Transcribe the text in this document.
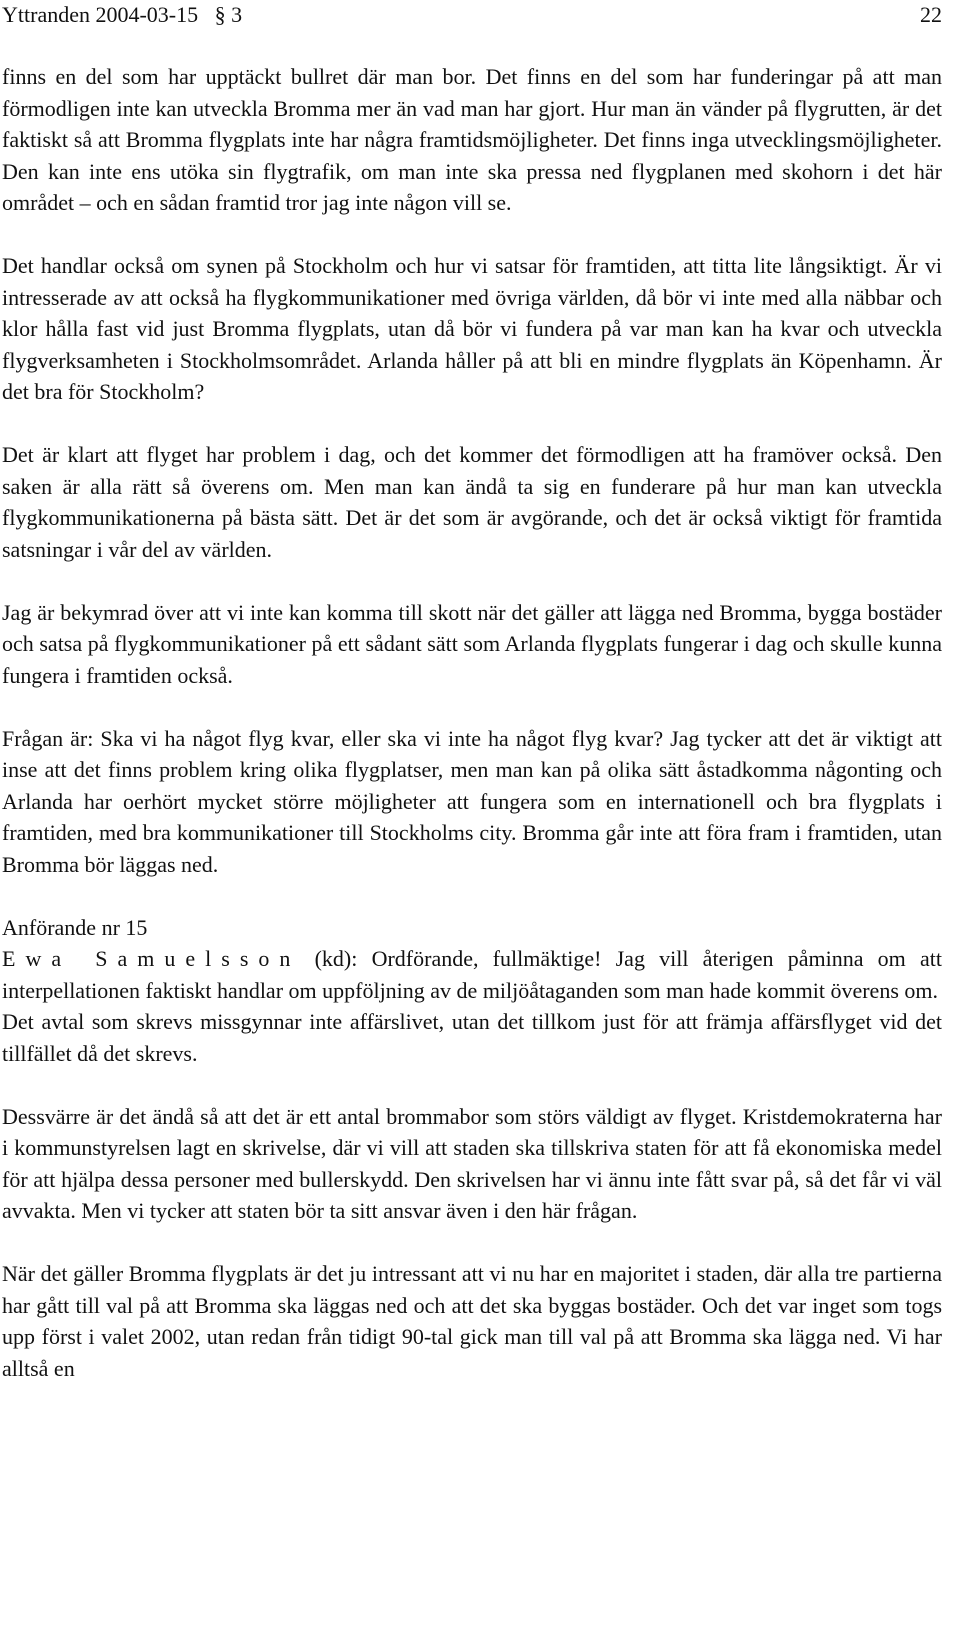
Yttranden 2004-03-15   § 3	22

finns en del som har upptäckt bullret där man bor. Det finns en del som har funderingar på att man förmodligen inte kan utveckla Bromma mer än vad man har gjort. Hur man än vänder på flygrutten, är det faktiskt så att Bromma flygplats inte har några framtidsmöjligheter. Det finns inga utvecklingsmöjligheter. Den kan inte ens utöka sin flygtrafik, om man inte ska pressa ned flygplanen med skohorn i det här området – och en sådan framtid tror jag inte någon vill se.

Det handlar också om synen på Stockholm och hur vi satsar för framtiden, att titta lite långsiktigt. Är vi intresserade av att också ha flygkommunikationer med övriga världen, då bör vi inte med alla näbbar och klor hålla fast vid just Bromma flygplats, utan då bör vi fundera på var man kan ha kvar och utveckla flygverksamheten i Stockholmsområdet. Arlanda håller på att bli en mindre flygplats än Köpenhamn. Är det bra för Stockholm?

Det är klart att flyget har problem i dag, och det kommer det förmodligen att ha framöver också. Den saken är alla rätt så överens om. Men man kan ändå ta sig en funderare på hur man kan utveckla flygkommunikationerna på bästa sätt. Det är det som är avgörande, och det är också viktigt för framtida satsningar i vår del av världen.

Jag är bekymrad över att vi inte kan komma till skott när det gäller att lägga ned Bromma, bygga bostäder och satsa på flygkommunikationer på ett sådant sätt som Arlanda flygplats fungerar i dag och skulle kunna fungera i framtiden också.

Frågan är: Ska vi ha något flyg kvar, eller ska vi inte ha något flyg kvar? Jag tycker att det är viktigt att inse att det finns problem kring olika flygplatser, men man kan på olika sätt åstadkomma någonting och Arlanda har oerhört mycket större möjligheter att fungera som en internationell och bra flygplats i framtiden, med bra kommunikationer till Stockholms city. Bromma går inte att föra fram i framtiden, utan Bromma bör läggas ned.

Anförande nr 15

Ewa Samuelsson (kd): Ordförande, fullmäktige! Jag vill återigen påminna om att interpellationen faktiskt handlar om uppföljning av de miljöåtaganden som man hade kommit överens om.

Det avtal som skrevs missgynnar inte affärslivet, utan det tillkom just för att främja affärsflyget vid det tillfället då det skrevs.

Dessvärre är det ändå så att det är ett antal brommabor som störs väldigt av flyget. Kristdemokraterna har i kommunstyrelsen lagt en skrivelse, där vi vill att staden ska tillskriva staten för att få ekonomiska medel för att hjälpa dessa personer med bullerskydd. Den skrivelsen har vi ännu inte fått svar på, så det får vi väl avvakta. Men vi tycker att staten bör ta sitt ansvar även i den här frågan.

När det gäller Bromma flygplats är det ju intressant att vi nu har en majoritet i staden, där alla tre partierna har gått till val på att Bromma ska läggas ned och att det ska byggas bostäder. Och det var inget som togs upp först i valet 2002, utan redan från tidigt 90-tal gick man till val på att Bromma ska lägga ned. Vi har alltså en
